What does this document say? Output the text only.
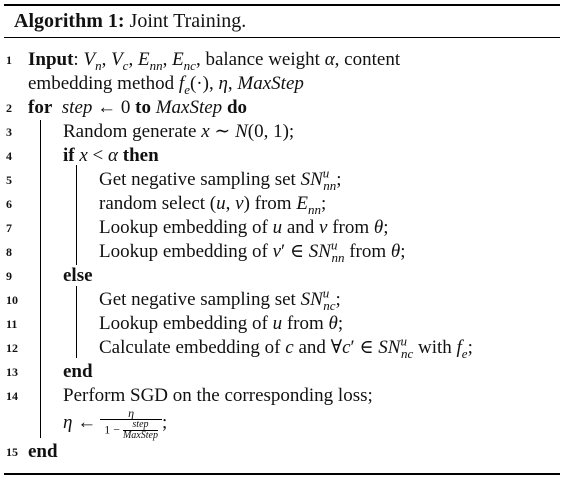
Algorithm 1: Joint Training.
1 Input: $V_n$, $V_c$, $E_{nn}$, $E_{nc}$, balance weight α, content
embedding method $f_e(\cdot)$, η, MaxStep
2 for step ← 0 to MaxStep do
3	Random generate x ∼ N(0, 1);
4	if x < α then
5	Get negative sampling set $SN^u_{nn}$;
6	random select (u, v) from $E_{nn}$;
7	Lookup embedding of u and v from θ;
8	Lookup embedding of v′ ∈ $SN^u_{nn}$ from θ;
9	else
10	Get negative sampling set $SN^u_{nc}$;
11	Lookup embedding of u from θ;
12	Calculate embedding of c and ∀c′ ∈ $SN^u_{nc}$ with $f_e$;
13 end
14 Perform SGD on the corresponding loss;
η ← η
1 − step
MaxStep ;
15 end
